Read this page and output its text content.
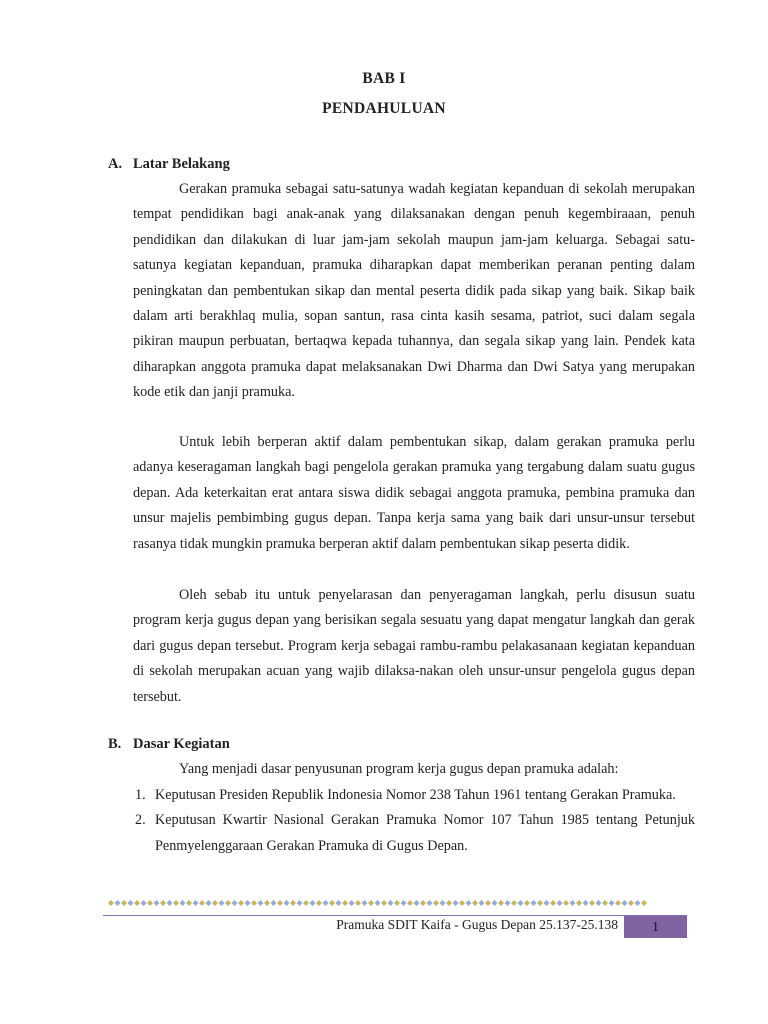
BAB I
PENDAHULUAN
A. Latar Belakang

Gerakan pramuka sebagai satu-satunya wadah kegiatan kepanduan di sekolah merupakan tempat pendidikan bagi anak-anak yang dilaksanakan dengan penuh kegembiraaan, penuh pendidikan dan dilakukan di luar jam-jam sekolah maupun jam-jam keluarga. Sebagai satu-satunya kegiatan kepanduan, pramuka diharapkan dapat memberikan peranan penting dalam peningkatan dan pembentukan sikap dan mental peserta didik pada sikap yang baik. Sikap baik dalam arti berakhlaq mulia, sopan santun, rasa cinta kasih sesama, patriot, suci dalam segala pikiran maupun perbuatan, bertaqwa kepada tuhannya, dan segala sikap yang lain. Pendek kata diharapkan anggota pramuka dapat melaksanakan Dwi Dharma dan Dwi Satya yang merupakan kode etik dan janji pramuka.

Untuk lebih berperan aktif dalam pembentukan sikap, dalam gerakan pramuka perlu adanya keseragaman langkah bagi pengelola gerakan pramuka yang tergabung dalam suatu gugus depan. Ada keterkaitan erat antara siswa didik sebagai anggota pramuka, pembina pramuka dan unsur majelis pembimbing gugus depan. Tanpa kerja sama yang baik dari unsur-unsur tersebut rasanya tidak mungkin pramuka berperan aktif dalam pembentukan sikap peserta didik.

Oleh sebab itu untuk penyelarasan dan penyeragaman langkah, perlu disusun suatu program kerja gugus depan yang berisikan segala sesuatu yang dapat mengatur langkah dan gerak dari gugus depan tersebut. Program kerja sebagai rambu-rambu pelakasanaan kegiatan kepanduan di sekolah merupakan acuan yang wajib dilaksa-nakan oleh unsur-unsur pengelola gugus depan tersebut.

B. Dasar Kegiatan

Yang menjadi dasar penyusunan program kerja gugus depan pramuka adalah:

1. Keputusan Presiden Republik Indonesia Nomor 238 Tahun 1961 tentang Gerakan Pramuka.
2. Keputusan Kwartir Nasional Gerakan Pramuka Nomor 107 Tahun 1985 tentang Petunjuk Penmyelenggaraan Gerakan Pramuka di Gugus Depan.
Pramuka SDIT Kaifa - Gugus Depan 25.137-25.138	1
